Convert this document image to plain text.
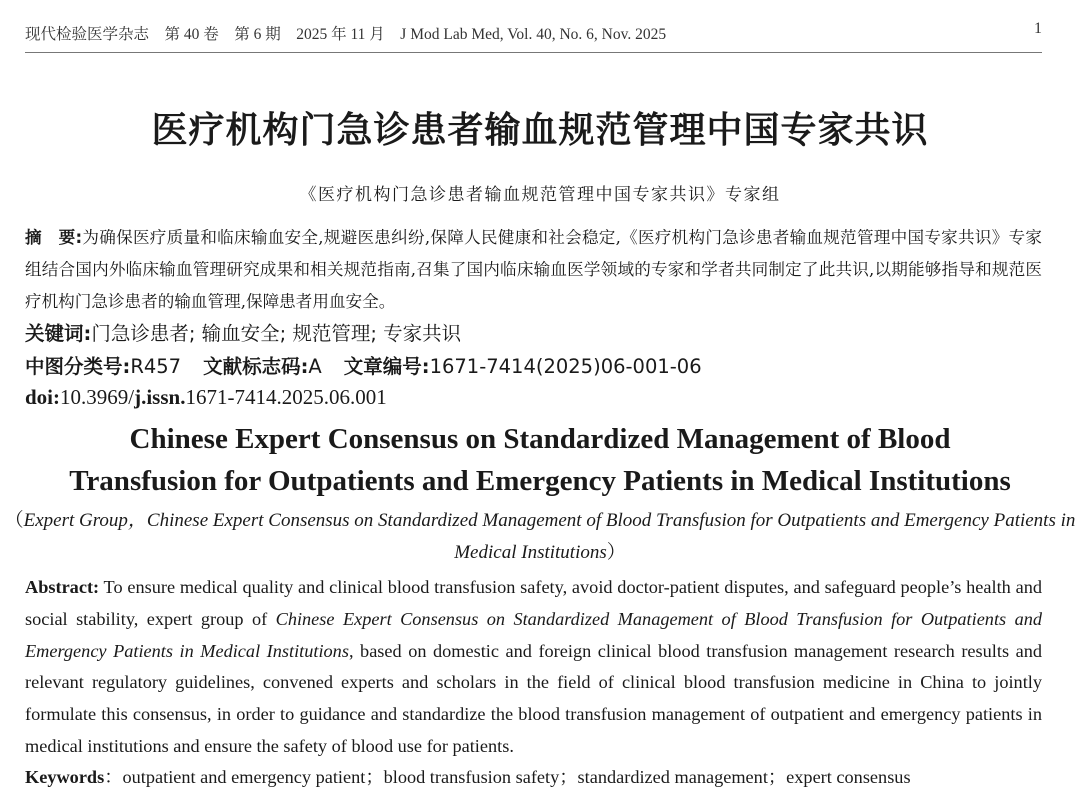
现代检验医学杂志　第 40 卷　第 6 期　2025 年 11 月　J Mod Lab Med, Vol. 40, No. 6, Nov. 2025	1
医疗机构门急诊患者输血规范管理中国专家共识
《医疗机构门急诊患者输血规范管理中国专家共识》专家组
摘　要:为确保医疗质量和临床输血安全,规避医患纠纷,保障人民健康和社会稳定,《医疗机构门急诊患者输血规范管理中国专家共识》专家组结合国内外临床输血管理研究成果和相关规范指南,召集了国内临床输血医学领域的专家和学者共同制定了此共识,以期能够指导和规范医疗机构门急诊患者的输血管理,保障患者用血安全。
关键词:门急诊患者; 输血安全; 规范管理; 专家共识
中图分类号:R457 文献标志码:A 文章编号:1671-7414(2025)06-001-06
doi:10.3969/j.issn.1671-7414.2025.06.001
Chinese Expert Consensus on Standardized Management of Blood
Transfusion for Outpatients and Emergency Patients in Medical Institutions
（Expert Group，Chinese Expert Consensus on Standardized Management of Blood Transfusion for Outpatients and Emergency Patients in Medical Institutions）
Abstract: To ensure medical quality and clinical blood transfusion safety, avoid doctor-patient disputes, and safeguard people’s health and social stability, expert group of Chinese Expert Consensus on Standardized Management of Blood Transfusion for Outpatients and Emergency Patients in Medical Institutions, based on domestic and foreign clinical blood transfusion management research results and relevant regulatory guidelines, convened experts and scholars in the field of clinical blood transfusion medicine in China to jointly formulate this consensus, in order to guidance and standardize the blood transfusion management of outpatient and emergency patients in medical institutions and ensure the safety of blood use for patients.
Keywords：outpatient and emergency patient；blood transfusion safety；standardized management；expert consensus
